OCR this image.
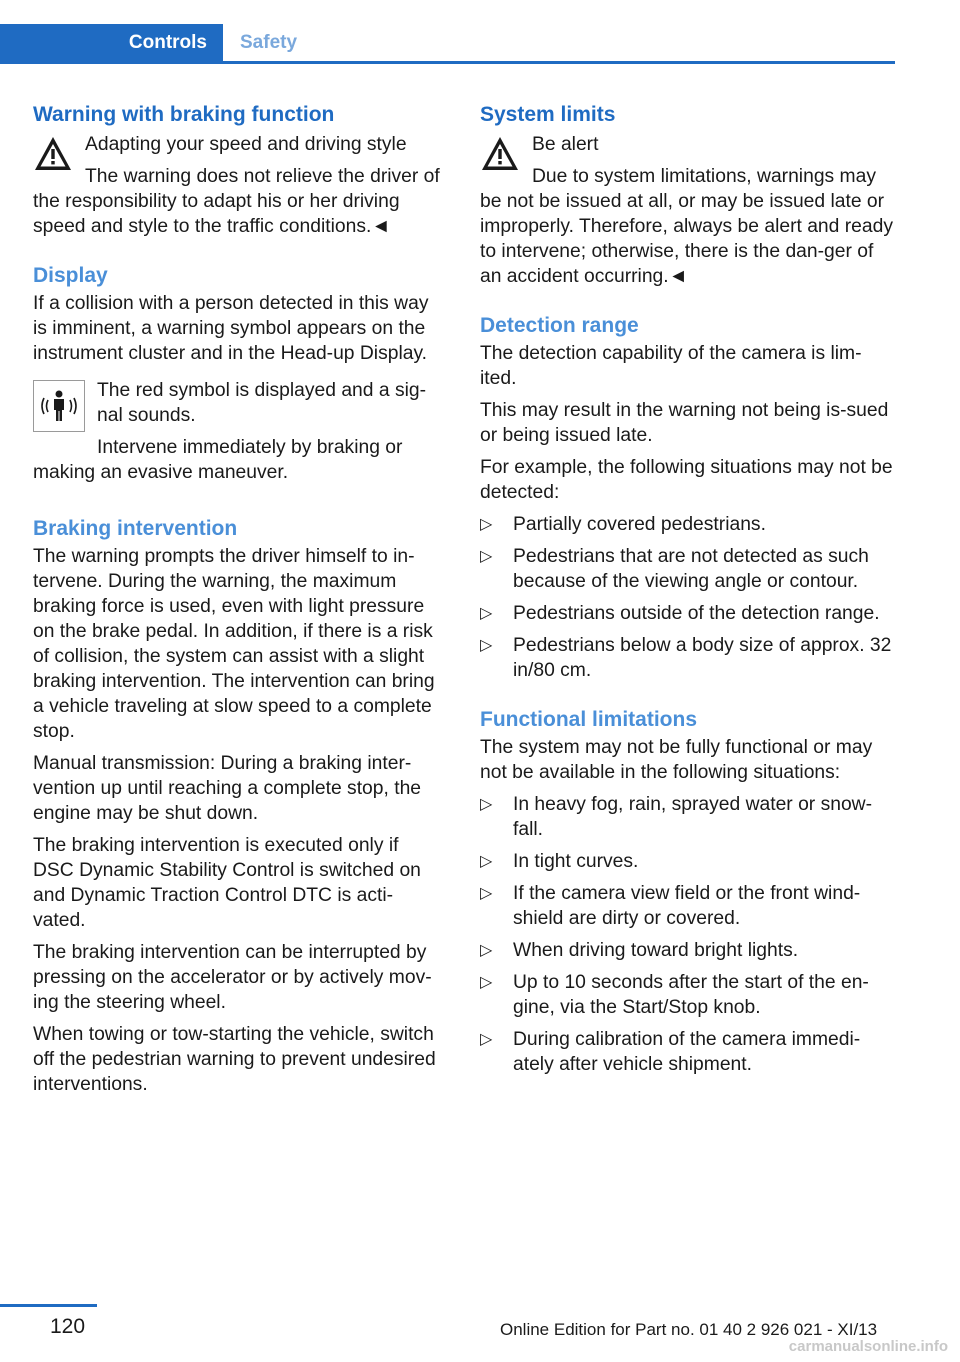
Controls	Safety
Warning with braking function

Adapting your speed and driving style

The warning does not relieve the driver of the responsibility to adapt his or her driving speed and style to the traffic conditions.◄

Display

If a collision with a person detected in this way is imminent, a warning symbol appears on the instrument cluster and in the Head-up Display.

The red symbol is displayed and a sig‐nal sounds.

Intervene immediately by braking or making an evasive maneuver.

Braking intervention

The warning prompts the driver himself to in‐tervene. During the warning, the maximum braking force is used, even with light pressure on the brake pedal. In addition, if there is a risk of collision, the system can assist with a slight braking intervention. The intervention can bring a vehicle traveling at slow speed to a complete stop.

Manual transmission: During a braking inter‐vention up until reaching a complete stop, the engine may be shut down.

The braking intervention is executed only if DSC Dynamic Stability Control is switched on and Dynamic Traction Control DTC is acti‐vated.

The braking intervention can be interrupted by pressing on the accelerator or by actively mov‐ing the steering wheel.

When towing or tow-starting the vehicle, switch off the pedestrian warning to prevent undesired interventions.

System limits

Be alert

Due to system limitations, warnings may be not be issued at all, or may be issued late or improperly. Therefore, always be alert and ready to intervene; otherwise, there is the dan‐ger of an accident occurring.◄

Detection range

The detection capability of the camera is lim‐ited.

This may result in the warning not being is‐sued or being issued late.

For example, the following situations may not be detected:

▷ Partially covered pedestrians.
▷ Pedestrians that are not detected as such because of the viewing angle or contour.
▷ Pedestrians outside of the detection range.
▷ Pedestrians below a body size of approx. 32 in/80 cm.
Functional limitations

The system may not be fully functional or may not be available in the following situations:

▷ In heavy fog, rain, sprayed water or snow‐fall.
▷ In tight curves.
▷ If the camera view field or the front wind‐shield are dirty or covered.
▷ When driving toward bright lights.
▷ Up to 10 seconds after the start of the en‐gine, via the Start/Stop knob.
▷ During calibration of the camera immedi‐ately after vehicle shipment.
120	Online Edition for Part no. 01 40 2 926 021 - XI/13
carmanualsonline.info
